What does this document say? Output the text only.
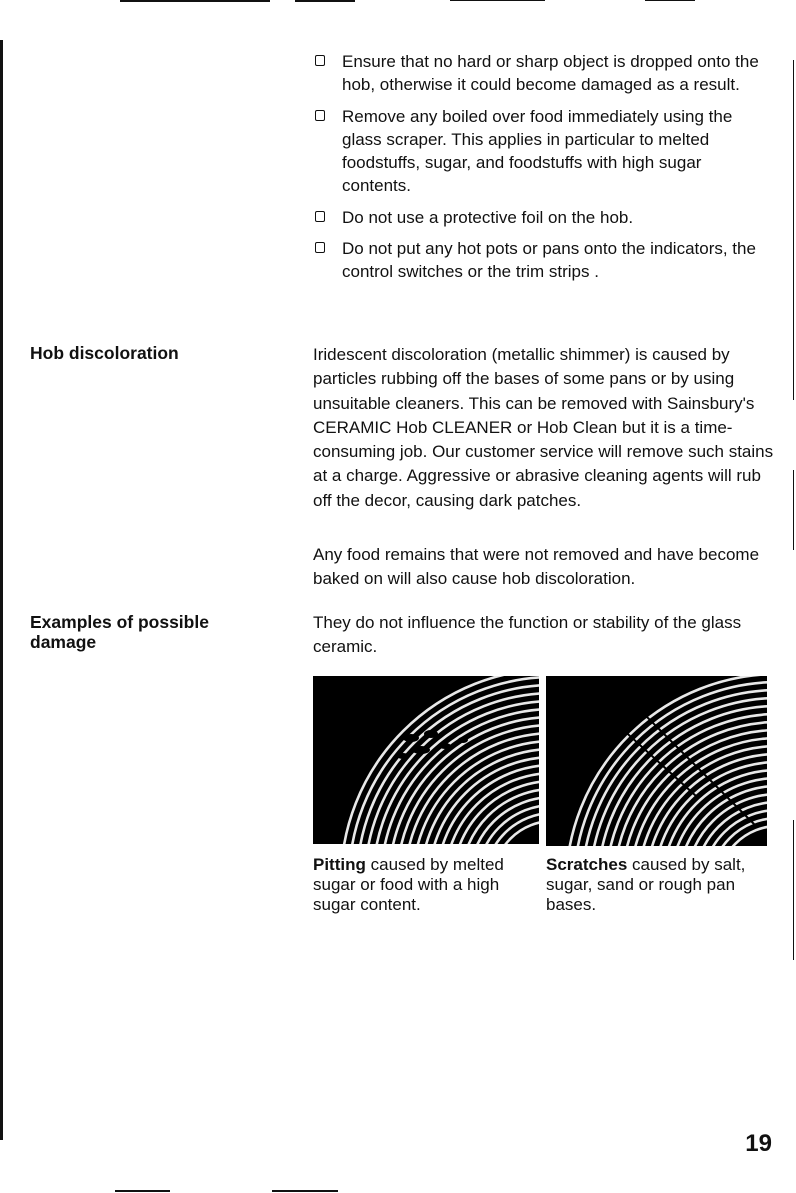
Ensure that no hard or sharp object is dropped onto the hob, otherwise it could become damaged as a result.
Remove any boiled over food immediately using the glass scraper. This applies in particular to melted foodstuffs, sugar, and foodstuffs with high sugar contents.
Do not use a protective foil on the hob.
Do not put any hot pots or pans onto the indicators, the control switches or the trim strips .
Hob discoloration	Iridescent discoloration (metallic shimmer) is caused by particles rubbing off the bases of some pans or by using unsuitable cleaners. This can be removed with Sainsbury's CERAMIC Hob CLEANER or Hob Clean but it is a time-consuming job. Our customer service will remove such stains at a charge. Aggressive or abrasive cleaning agents will rub off the decor, causing dark patches.

Any food remains that were not removed and have become baked on will also cause hob discoloration.

Examples of possible damage

They do not influence the function or stability of the glass ceramic.

Pitting caused by melted sugar or food with a high sugar content.

Scratches caused by salt, sugar, sand or rough pan bases.

19
